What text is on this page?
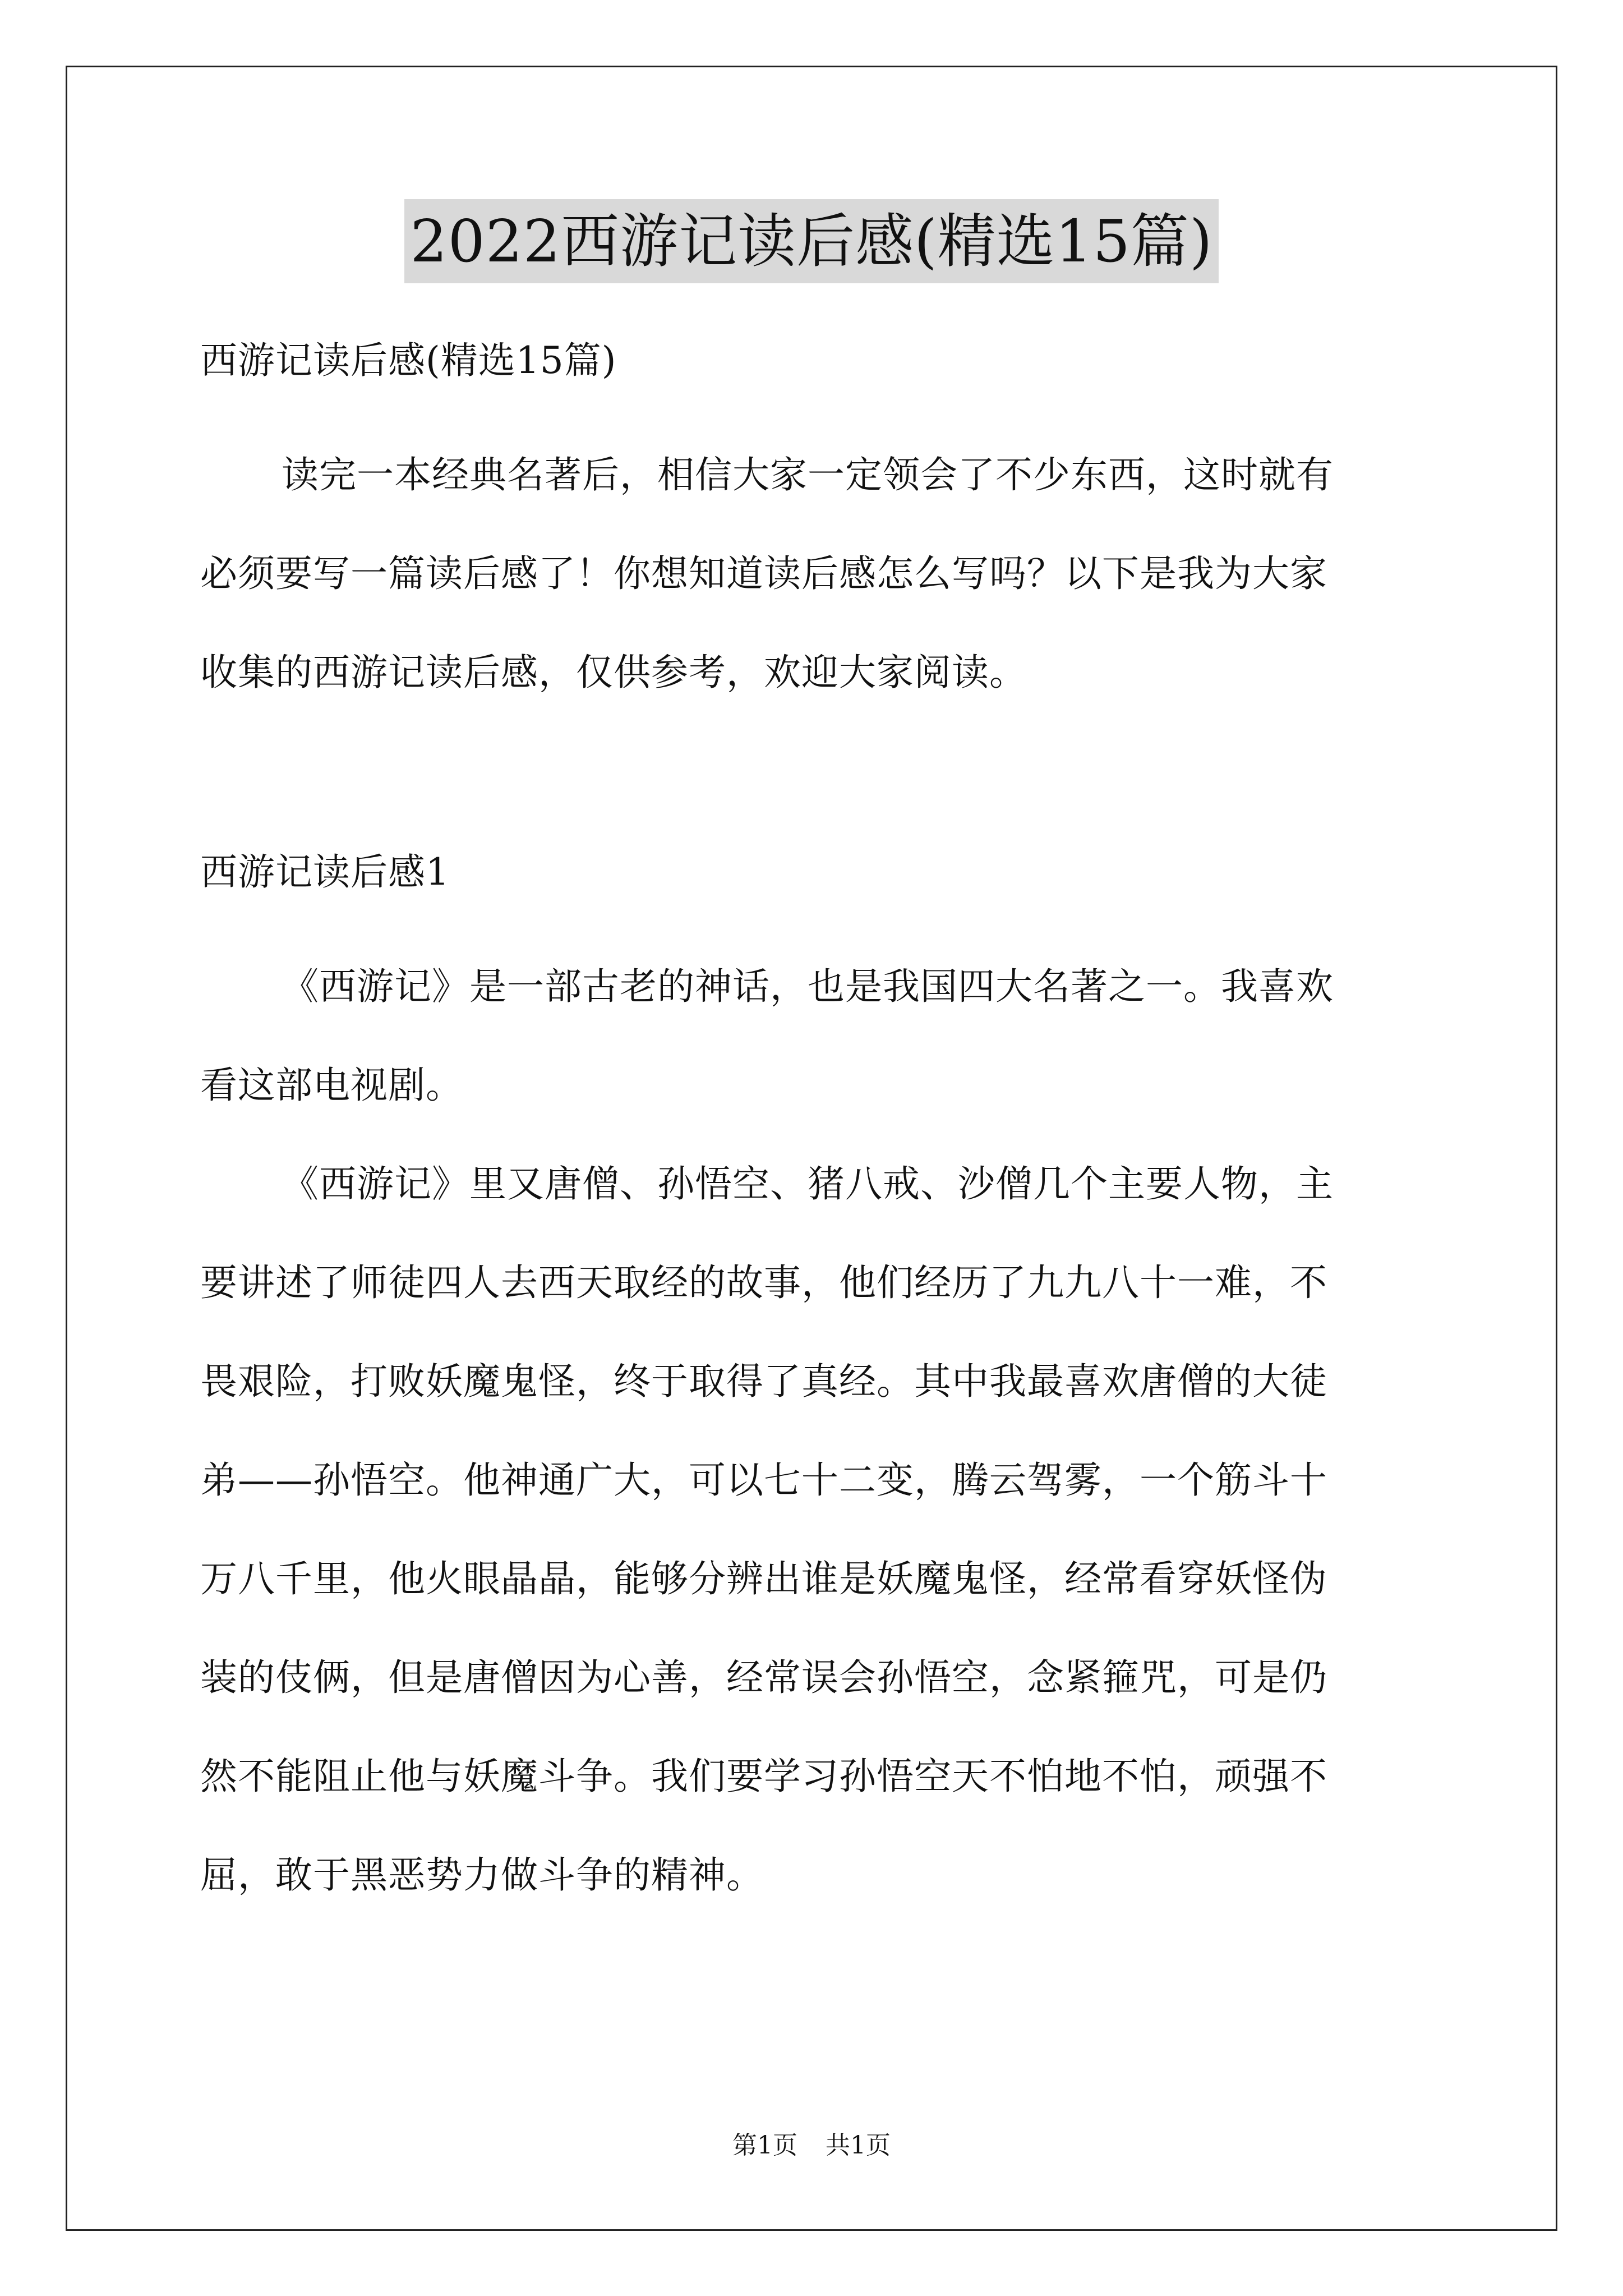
2022西游记读后感(精选15篇)
西游记读后感(精选15篇)
读完一本经典名著后，相信大家一定领会了不少东西，这时就有
必须要写一篇读后感了！你想知道读后感怎么写吗？以下是我为大家
收集的西游记读后感，仅供参考，欢迎大家阅读。
西游记读后感1
《西游记》是一部古老的神话，也是我国四大名著之一。我喜欢
看这部电视剧。
《西游记》里又唐僧、孙悟空、猪八戒、沙僧几个主要人物，主
要讲述了师徒四人去西天取经的故事，他们经历了九九八十一难，不
畏艰险，打败妖魔鬼怪，终于取得了真经。其中我最喜欢唐僧的大徒
弟——孙悟空。他神通广大，可以七十二变，腾云驾雾，一个筋斗十
万八千里，他火眼晶晶，能够分辨出谁是妖魔鬼怪，经常看穿妖怪伪
装的伎俩，但是唐僧因为心善，经常误会孙悟空，念紧箍咒，可是仍
然不能阻止他与妖魔斗争。我们要学习孙悟空天不怕地不怕，顽强不
屈，敢于黑恶势力做斗争的精神。
第1页 共1页
